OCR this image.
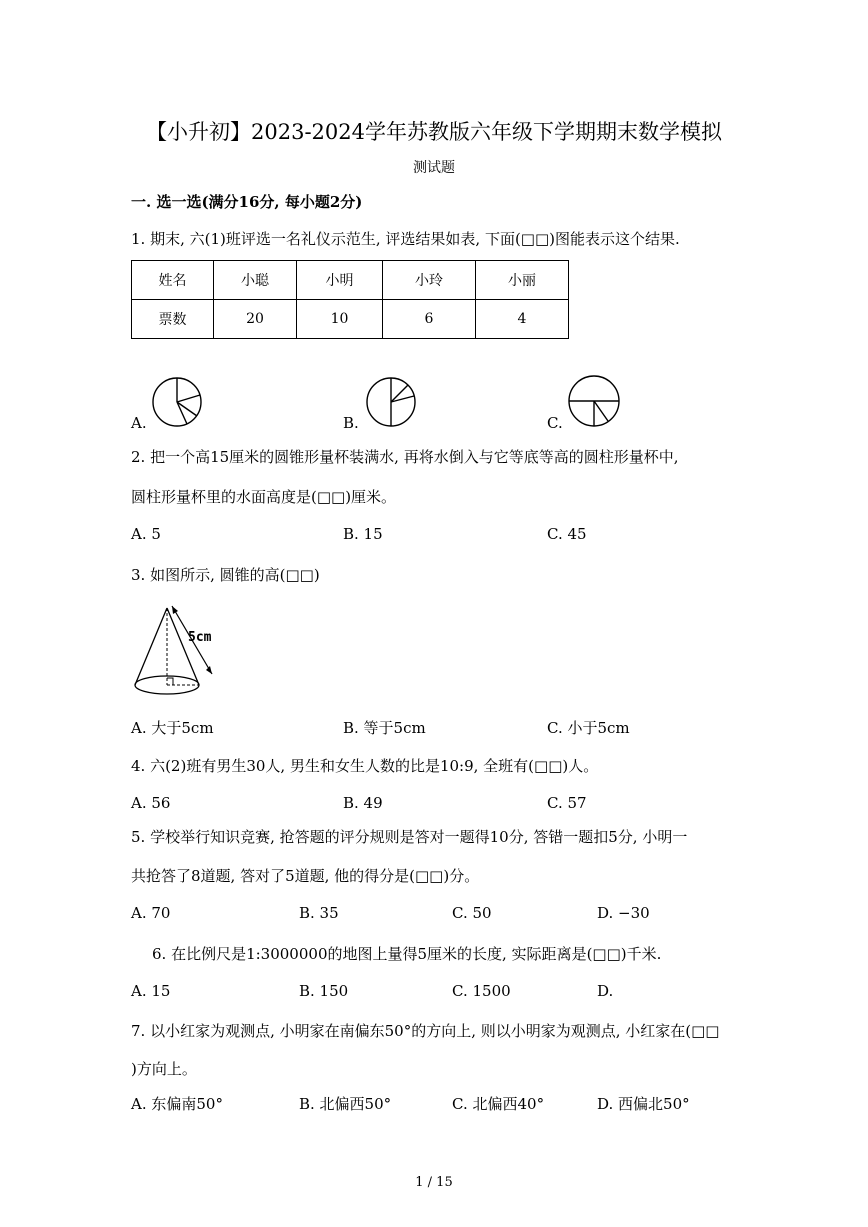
【小升初】2023-2024学年苏教版六年级下学期期末数学模拟
测试题
一. 选一选(满分16分, 每小题2分)
1. 期末, 六(1)班评选一名礼仪示范生, 评选结果如表, 下面(□□)图能表示这个结果.
姓名	小聪	小明	小玲	小丽
票数	20	10	6	4
A.	B.	C.
2. 把一个高15厘米的圆锥形量杯装满水, 再将水倒入与它等底等高的圆柱形量杯中,
圆柱形量杯里的水面高度是(□□)厘米。
A. 5	B. 15	C. 45
3. 如图所示, 圆锥的高(□□)
5cm
A. 大于5cm	B. 等于5cm	C. 小于5cm
4. 六(2)班有男生30人, 男生和女生人数的比是10:9, 全班有(□□)人。
A. 56	B. 49	C. 57
5. 学校举行知识竞赛, 抢答题的评分规则是答对一题得10分, 答错一题扣5分, 小明一
共抢答了8道题, 答对了5道题, 他的得分是(□□)分。
A. 70	B. 35	C. 50	D. −30
6. 在比例尺是1:3000000的地图上量得5厘米的长度, 实际距离是(□□)千米.
A. 15	B. 150	C. 1500	D.
7. 以小红家为观测点, 小明家在南偏东50°的方向上, 则以小明家为观测点, 小红家在(□□
)方向上。
A. 东偏南50°	B. 北偏西50°	C. 北偏西40°	D. 西偏北50°
1 / 15
